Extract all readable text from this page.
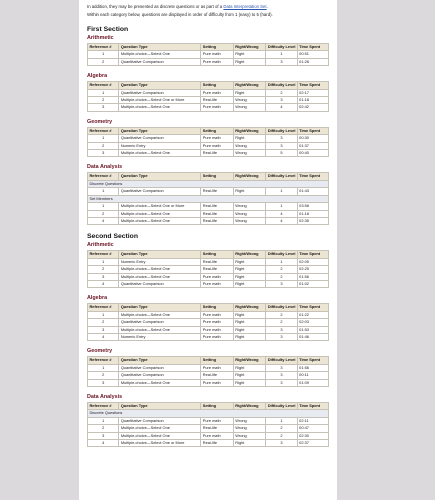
In addition, they may be presented as discrete questions or as part of a Data Interpretation Set.

Within each category below, questions are displayed in order of difficulty from 1 (easy) to 5 (hard).

First Section
Arithmetic
Reference #	Question Type	Setting	Right/Wrong	Difficulty Level	Time Spent
1	Multiple-choice—Select One	Pure math	Right	1	00:51
2	Quantitative Comparison	Pure math	Right	3	01:26
Algebra
Reference #	Question Type	Setting	Right/Wrong	Difficulty Level	Time Spent
1	Quantitative Comparison	Pure math	Right	2	02:17
2	Multiple-choice—Select One or More	Real-life	Wrong	3	01:18
3	Multiple-choice—Select One	Pure math	Wrong	4	02:42
Geometry
Reference #	Question Type	Setting	Right/Wrong	Difficulty Level	Time Spent
1	Quantitative Comparison	Pure math	Right	3	00:30
2	Numeric Entry	Pure math	Wrong	3	01:37
3	Multiple-choice—Select One	Real-life	Wrong	5	00:40
Data Analysis
Reference #	Question Type	Setting	Right/Wrong	Difficulty Level	Time Spent
Discrete Questions					
1	Quantitative Comparison	Real-life	Right	1	01:43
Set Members					
1	Multiple-choice—Select One or More	Real-life	Wrong	1	03:58
2	Multiple-choice—Select One	Real-life	Wrong	4	01:18
4	Multiple-choice—Select One	Real-life	Wrong	4	02:35
Second Section
Arithmetic
Reference #	Question Type	Setting	Right/Wrong	Difficulty Level	Time Spent
1	Numeric Entry	Real-life	Right	1	02:05
2	Multiple-choice—Select One	Real-life	Right	2	02:25
3	Multiple-choice—Select One	Pure math	Right	2	01:56
4	Quantitative Comparison	Pure math	Right	3	01:02
Algebra
Reference #	Question Type	Setting	Right/Wrong	Difficulty Level	Time Spent
1	Multiple-choice—Select One	Pure math	Right	2	01:22
2	Quantitative Comparison	Pure math	Right	2	02:03
3	Multiple-choice—Select One	Pure math	Right	3	01:53
4	Numeric Entry	Pure math	Right	3	01:46
Geometry
Reference #	Question Type	Setting	Right/Wrong	Difficulty Level	Time Spent
1	Quantitative Comparison	Pure math	Right	3	01:56
2	Quantitative Comparison	Real-life	Right	3	00:11
3	Multiple-choice—Select One	Pure math	Right	3	01:09
Data Analysis
Reference #	Question Type	Setting	Right/Wrong	Difficulty Level	Time Spent
Discrete Questions					
1	Quantitative Comparison	Pure math	Wrong	1	02:11
2	Multiple-choice—Select One	Real-life	Wrong	2	00:47
3	Multiple-choice—Select One	Pure math	Wrong	2	02:30
4	Multiple-choice—Select One or More	Real-life	Right	3	02:37
